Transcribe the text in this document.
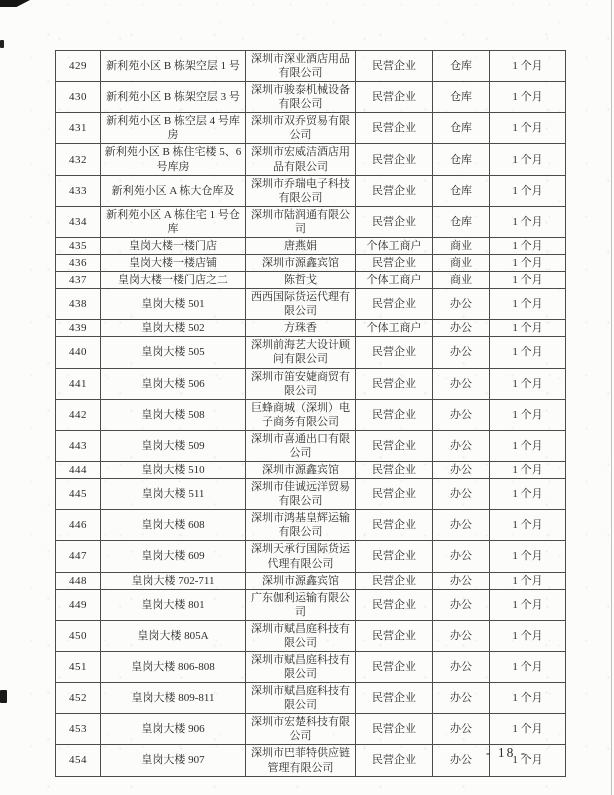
429	新利苑小区 B 栋架空层 1 号	深圳市深业酒店用品有限公司	民营企业	仓库	1 个月
430	新利苑小区 B 栋架空层 3 号	深圳市骏泰机械设备有限公司	民营企业	仓库	1 个月
431	新利苑小区 B 栋空层 4 号库房	深圳市双乔贸易有限公司	民营企业	仓库	1 个月
432	新利苑小区 B 栋住宅楼 5、6 号库房	深圳市宏威洁酒店用品有限公司	民营企业	仓库	1 个月
433	新利苑小区 A 栋大仓库及	深圳市乔瑞电子科技有限公司	民营企业	仓库	1 个月
434	新利苑小区 A 栋住宅 1 号仓库	深圳市陆润通有限公司	民营企业	仓库	1 个月
435	皇岗大楼一楼门店	唐燕娟	个体工商户	商业	1 个月
436	皇岗大楼一楼店铺	深圳市源鑫宾馆	民营企业	商业	1 个月
437	皇岗大楼一楼门店之二	陈哲戈	个体工商户	商业	1 个月
438	皇岗大楼 501	西西国际货运代理有限公司	民营企业	办公	1 个月
439	皇岗大楼 502	方珠香	个体工商户	办公	1 个月
440	皇岗大楼 505	深圳前海艺大设计顾问有限公司	民营企业	办公	1 个月
441	皇岗大楼 506	深圳市笛安婕商贸有限公司	民营企业	办公	1 个月
442	皇岗大楼 508	巨蜂商城（深圳）电子商务有限公司	民营企业	办公	1 个月
443	皇岗大楼 509	深圳市喜通出口有限公司	民营企业	办公	1 个月
444	皇岗大楼 510	深圳市源鑫宾馆	民营企业	办公	1 个月
445	皇岗大楼 511	深圳市佳诚远洋贸易有限公司	民营企业	办公	1 个月
446	皇岗大楼 608	深圳市鸿基皇辉运输有限公司	民营企业	办公	1 个月
447	皇岗大楼 609	深圳天承行国际货运代理有限公司	民营企业	办公	1 个月
448	皇岗大楼 702-711	深圳市源鑫宾馆	民营企业	办公	1 个月
449	皇岗大楼 801	广东伽利运输有限公司	民营企业	办公	1 个月
450	皇岗大楼 805A	深圳市赋昌庭科技有限公司	民营企业	办公	1 个月
451	皇岗大楼 806-808	深圳市赋昌庭科技有限公司	民营企业	办公	1 个月
452	皇岗大楼 809-811	深圳市赋昌庭科技有限公司	民营企业	办公	1 个月
453	皇岗大楼 906	深圳市宏楚科技有限公司	民营企业	办公	1 个月
454	皇岗大楼 907	深圳市巴菲特供应链管理有限公司	民营企业	办公	1 个月
- 18 -
